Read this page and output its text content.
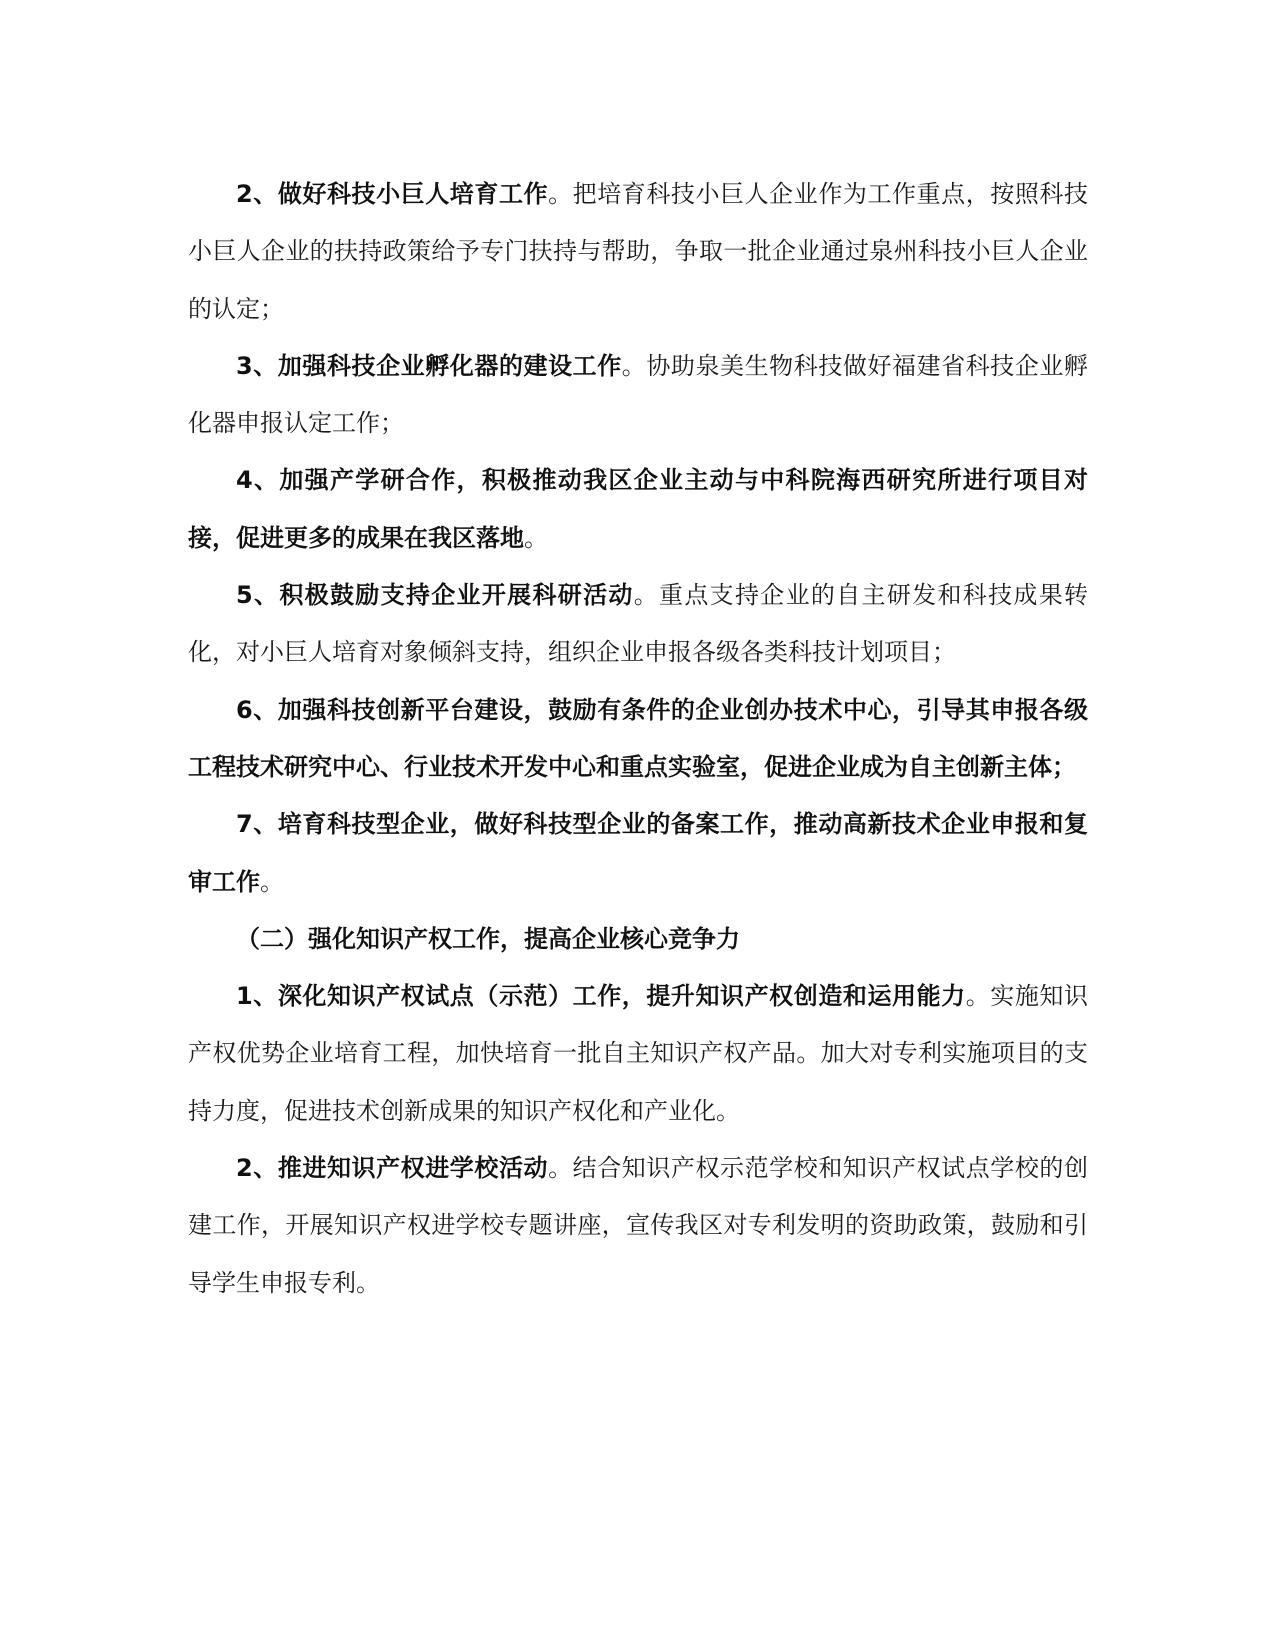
2、做好科技小巨人培育工作。把培育科技小巨人企业作为工作重点，按照科技小巨人企业的扶持政策给予专门扶持与帮助，争取一批企业通过泉州科技小巨人企业的认定；

3、加强科技企业孵化器的建设工作。协助泉美生物科技做好福建省科技企业孵化器申报认定工作；

4、加强产学研合作，积极推动我区企业主动与中科院海西研究所进行项目对接，促进更多的成果在我区落地。

5、积极鼓励支持企业开展科研活动。重点支持企业的自主研发和科技成果转化，对小巨人培育对象倾斜支持，组织企业申报各级各类科技计划项目；

6、加强科技创新平台建设，鼓励有条件的企业创办技术中心，引导其申报各级工程技术研究中心、行业技术开发中心和重点实验室，促进企业成为自主创新主体；

7、培育科技型企业，做好科技型企业的备案工作，推动高新技术企业申报和复审工作。

（二）强化知识产权工作，提高企业核心竞争力

1、深化知识产权试点（示范）工作，提升知识产权创造和运用能力。实施知识产权优势企业培育工程，加快培育一批自主知识产权产品。加大对专利实施项目的支持力度，促进技术创新成果的知识产权化和产业化。

2、推进知识产权进学校活动。结合知识产权示范学校和知识产权试点学校的创建工作，开展知识产权进学校专题讲座，宣传我区对专利发明的资助政策，鼓励和引导学生申报专利。
